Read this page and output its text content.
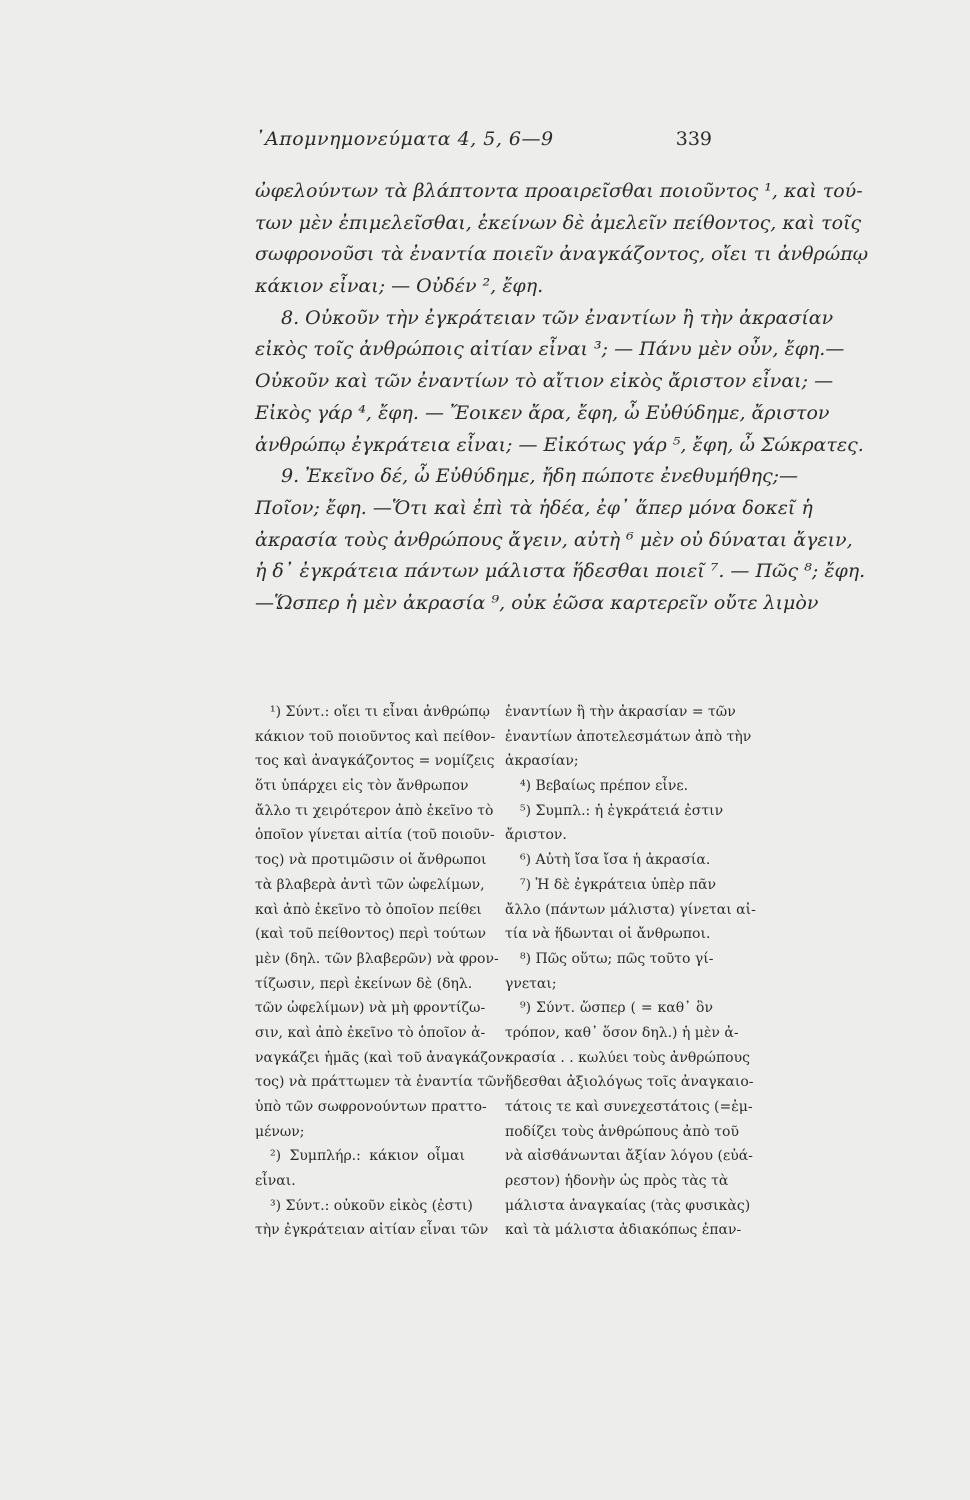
᾿Απομνημονεύματα 4, 5, 6—9	339
ὠφελούντων τὰ βλάπτοντα προαιρεῖσθαι ποιοῦντος ¹, καὶ τού-
των μὲν ἐπιμελεῖσθαι, ἐκείνων δὲ ἀμελεῖν πείθοντος, καὶ τοῖς
σωφρονοῦσι τὰ ἐναντία ποιεῖν ἀναγκάζοντος, οἴει τι ἀνθρώπῳ
κάκιον εἶναι; — Οὐδέν ², ἔφη.
8. Οὐκοῦν τὴν ἐγκράτειαν τῶν ἐναντίων ἢ τὴν ἀκρασίαν
εἰκὸς τοῖς ἀνθρώποις αἰτίαν εἶναι ³; — Πάνυ μὲν οὖν, ἔφη.—
Οὐκοῦν καὶ τῶν ἐναντίων τὸ αἴτιον εἰκὸς ἄριστον εἶναι; —
Εἰκὸς γάρ ⁴, ἔφη. — Ἔοικεν ἄρα, ἔφη, ὦ Εὐθύδημε, ἄριστον
ἀνθρώπῳ ἐγκράτεια εἶναι; — Εἰκότως γάρ ⁵, ἔφη, ὦ Σώκρατες.
9. Ἐκεῖνο δέ, ὦ Εὐθύδημε, ἤδη πώποτε ἐνεθυμήθης;—
Ποῖον; ἔφη. —Ὅτι καὶ ἐπὶ τὰ ἡδέα, ἐφ᾽ ἅπερ μόνα δοκεῖ ἡ
ἀκρασία τοὺς ἀνθρώπους ἄγειν, αὐτὴ ⁶ μὲν οὐ δύναται ἄγειν,
ἡ δ᾽ ἐγκράτεια πάντων μάλιστα ἥδεσθαι ποιεῖ ⁷. — Πῶς ⁸; ἔφη.
—Ὥσπερ ἡ μὲν ἀκρασία ⁹, οὐκ ἐῶσα καρτερεῖν οὔτε λιμὸν
¹) Σύντ.: οἴει τι εἶναι ἀνθρώπῳ
κάκιον τοῦ ποιοῦντος καὶ πείθον-
τος καὶ ἀναγκάζοντος = νομίζεις
ὅτι ὑπάρχει εἰς τὸν ἄνθρωπον
ἄλλο τι χειρότερον ἀπὸ ἐκεῖνο τὸ
ὁποῖον γίνεται αἰτία (τοῦ ποιοῦν-
τος) νὰ προτιμῶσιν οἱ ἄνθρωποι
τὰ βλαβερὰ ἀντὶ τῶν ὠφελίμων,
καὶ ἀπὸ ἐκεῖνο τὸ ὁποῖον πείθει
(καὶ τοῦ πείθοντος) περὶ τούτων
μὲν (δηλ. τῶν βλαβερῶν) νὰ φρον-
τίζωσιν, περὶ ἐκείνων δὲ (δηλ.
τῶν ὠφελίμων) νὰ μὴ φροντίζω-
σιν, καὶ ἀπὸ ἐκεῖνο τὸ ὁποῖον ἀ-
ναγκάζει ἡμᾶς (καὶ τοῦ ἀναγκάζον-
τος) νὰ πράττωμεν τὰ ἐναντία τῶν
ὑπὸ τῶν σωφρονούντων πραττο-
μένων;
²) Συμπλήρ.: κάκιον οἶμαι
εἶναι.
³) Σύντ.: οὐκοῦν εἰκὸς (ἐστι)
τὴν ἐγκράτειαν αἰτίαν εἶναι τῶν
ἐναντίων ἢ τὴν ἀκρασίαν = τῶν
ἐναντίων ἀποτελεσμάτων ἀπὸ τὴν
ἀκρασίαν;
⁴) Βεβαίως πρέπον εἶνε.
⁵) Συμπλ.: ἡ ἐγκράτειά ἐστιν
ἄριστον.
⁶) Αὐτὴ ἴσα ἴσα ἡ ἀκρασία.
⁷) Ἡ δὲ ἐγκράτεια ὑπὲρ πᾶν
ἄλλο (πάντων μάλιστα) γίνεται αἰ-
τία νὰ ἥδωνται οἱ ἄνθρωποι.
⁸) Πῶς οὕτω; πῶς τοῦτο γί-
γνεται;
⁹) Σύντ. ὥσπερ ( = καθ᾽ ὃν
τρόπον, καθ᾽ ὅσον δηλ.) ἡ μὲν ἀ-
κρασία . . κωλύει τοὺς ἀνθρώπους
ἥδεσθαι ἀξιολόγως τοῖς ἀναγκαιο-
τάτοις τε καὶ συνεχεστάτοις (=ἐμ-
ποδίζει τοὺς ἀνθρώπους ἀπὸ τοῦ
νὰ αἰσθάνωνται ἄξίαν λόγου (εὐά-
ρεστον) ἡδονὴν ὡς πρὸς τὰς τὰ
μάλιστα ἀναγκαίας (τὰς φυσικὰς)
καὶ τὰ μάλιστα ἀδιακόπως ἐπαν-
